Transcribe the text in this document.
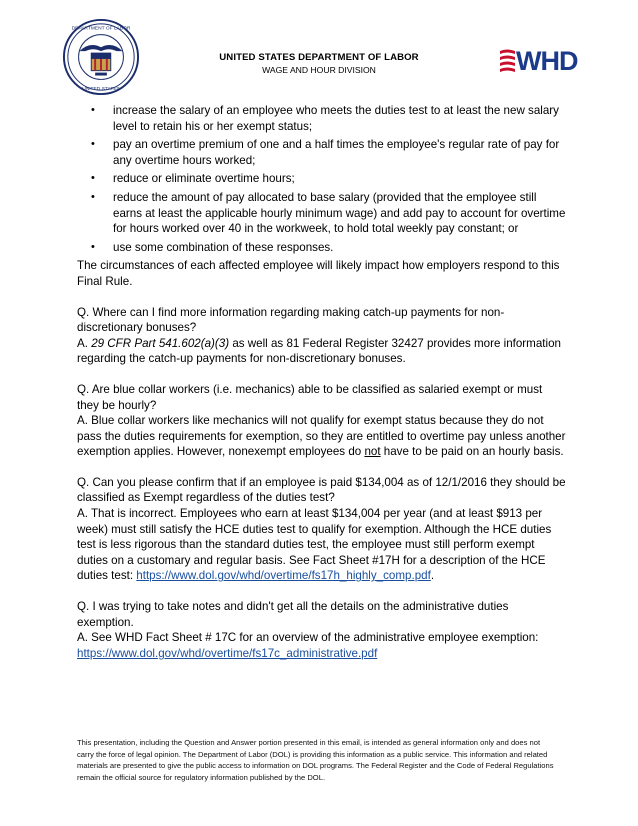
DEPARTMENT OF LABOR
UNITED STATES
UNITED STATES DEPARTMENT OF LABOR
WAGE AND HOUR DIVISION	WHD
• increase the salary of an employee who meets the duties test to at least the new salary level to retain his or her exempt status;
• pay an overtime premium of one and a half times the employee's regular rate of pay for any overtime hours worked;
• reduce or eliminate overtime hours;
• reduce the amount of pay allocated to base salary (provided that the employee still earns at least the applicable hourly minimum wage) and add pay to account for overtime for hours worked over 40 in the workweek, to hold total weekly pay constant; or
• use some combination of these responses.

The circumstances of each affected employee will likely impact how employers respond to this Final Rule.

Q. Where can I find more information regarding making catch-up payments for non-discretionary bonuses?

A. 29 CFR Part 541.602(a)(3) as well as 81 Federal Register 32427 provides more information regarding the catch-up payments for non-discretionary bonuses.

Q. Are blue collar workers (i.e. mechanics) able to be classified as salaried exempt or must they be hourly?

A. Blue collar workers like mechanics will not qualify for exempt status because they do not pass the duties requirements for exemption, so they are entitled to overtime pay unless another exemption applies. However, nonexempt employees do not have to be paid on an hourly basis.

Q. Can you please confirm that if an employee is paid $134,004 as of 12/1/2016 they should be classified as Exempt regardless of the duties test?

A. That is incorrect. Employees who earn at least $134,004 per year (and at least $913 per week) must still satisfy the HCE duties test to qualify for exemption. Although the HCE duties test is less rigorous than the standard duties test, the employee must still perform exempt duties on a customary and regular basis. See Fact Sheet #17H for a description of the HCE duties test: https://www.dol.gov/whd/overtime/fs17h_highly_comp.pdf.

Q. I was trying to take notes and didn't get all the details on the administrative duties exemption.

A. See WHD Fact Sheet # 17C for an overview of the administrative employee exemption: https://www.dol.gov/whd/overtime/fs17c_administrative.pdf

This presentation, including the Question and Answer portion presented in this email, is intended as general information only and does not carry the force of legal opinion. The Department of Labor (DOL) is providing this information as a public service. This information and related materials are presented to give the public access to information on DOL programs. The Federal Register and the Code of Federal Regulations remain the official source for regulatory information published by the DOL.
